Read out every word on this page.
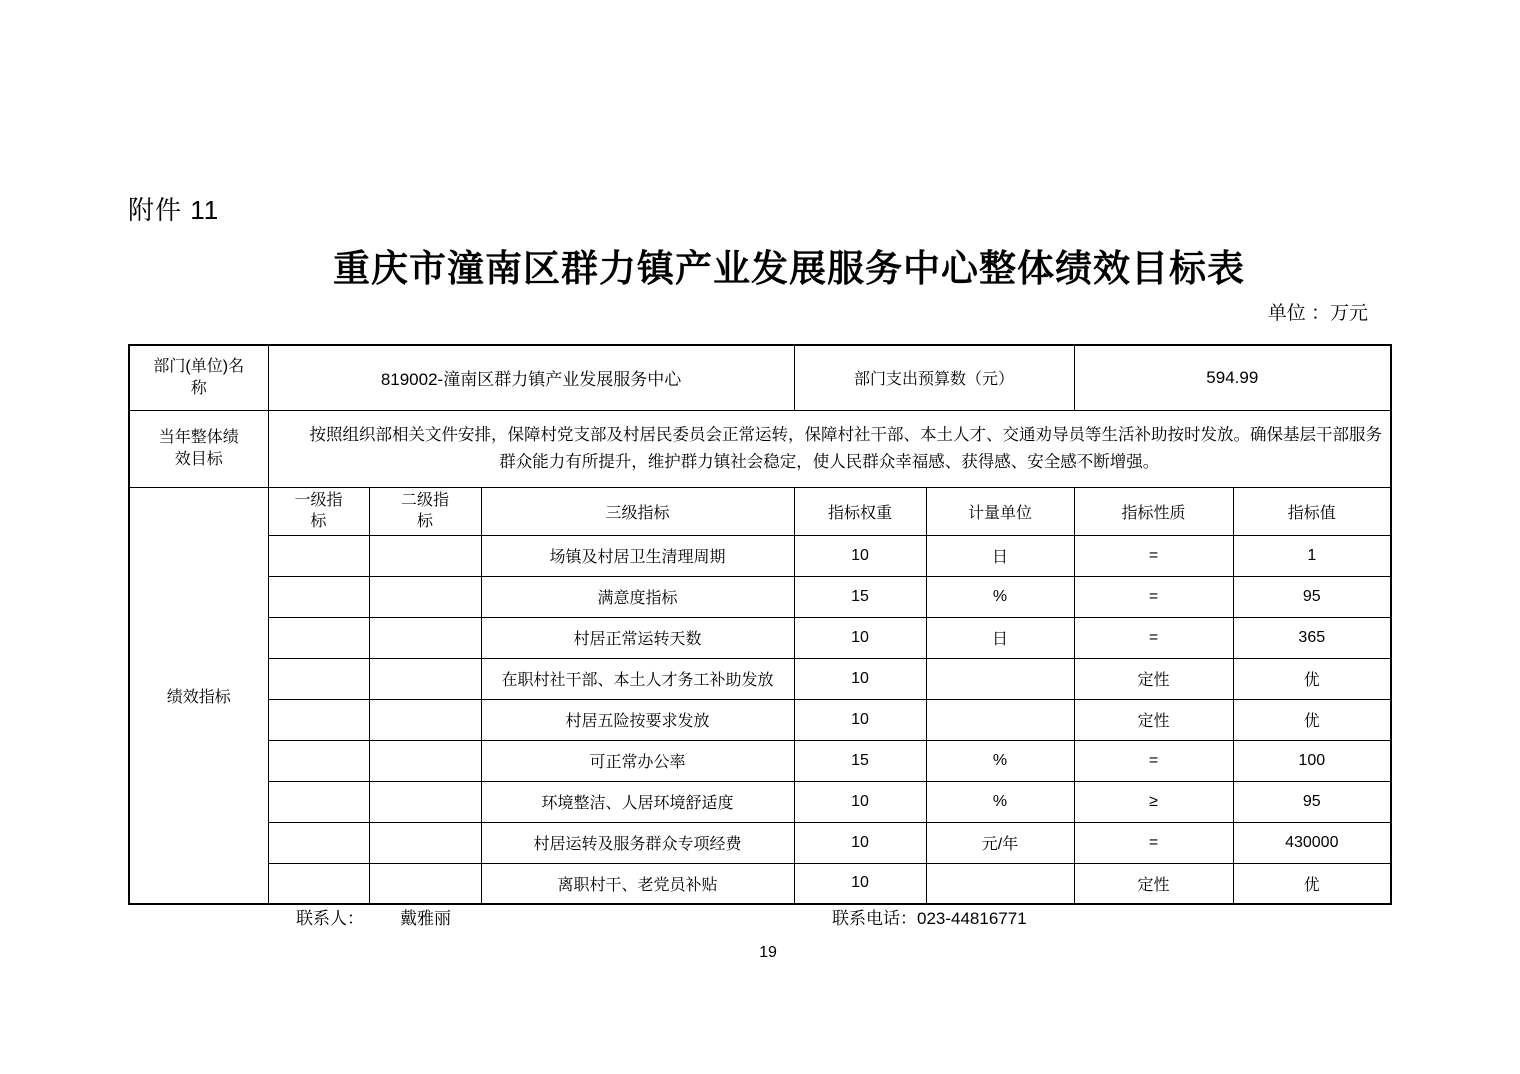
附件 11
重庆市潼南区群力镇产业发展服务中心整体绩效目标表
单位 ：万元
部门(单位)名称	819002-潼南区群力镇产业发展服务中心			部门支出预算数（元）		594.99	
当年整体绩效目标	按照组织部相关文件安排，保障村党支部及村居民委员会正常运转，保障村社干部、本土人才、交通劝导员等生活补助按时发放。确保基层干部服务群众能力有所提升，维护群力镇社会稳定，使人民群众幸福感、获得感、安全感不断增强。						

绩效指标	一级指标	二级指标	三级指标	指标权重	计量单位	指标性质	指标值
			场镇及村居卫生清理周期	10	日	=	1
			满意度指标	15	%	=	95
			村居正常运转天数	10	日	=	365
			在职村社干部、本土人才务工补助发放	10		定性	优
			村居五险按要求发放	10		定性	优
			可正常办公率	15	%	=	100
			环境整洁、人居环境舒适度	10	%	≥	95
			村居运转及服务群众专项经费	10	元/年	=	430000
			离职村干、老党员补贴	10		定性	优
联系人： 戴雅丽	联系电话：023-44816771
19
